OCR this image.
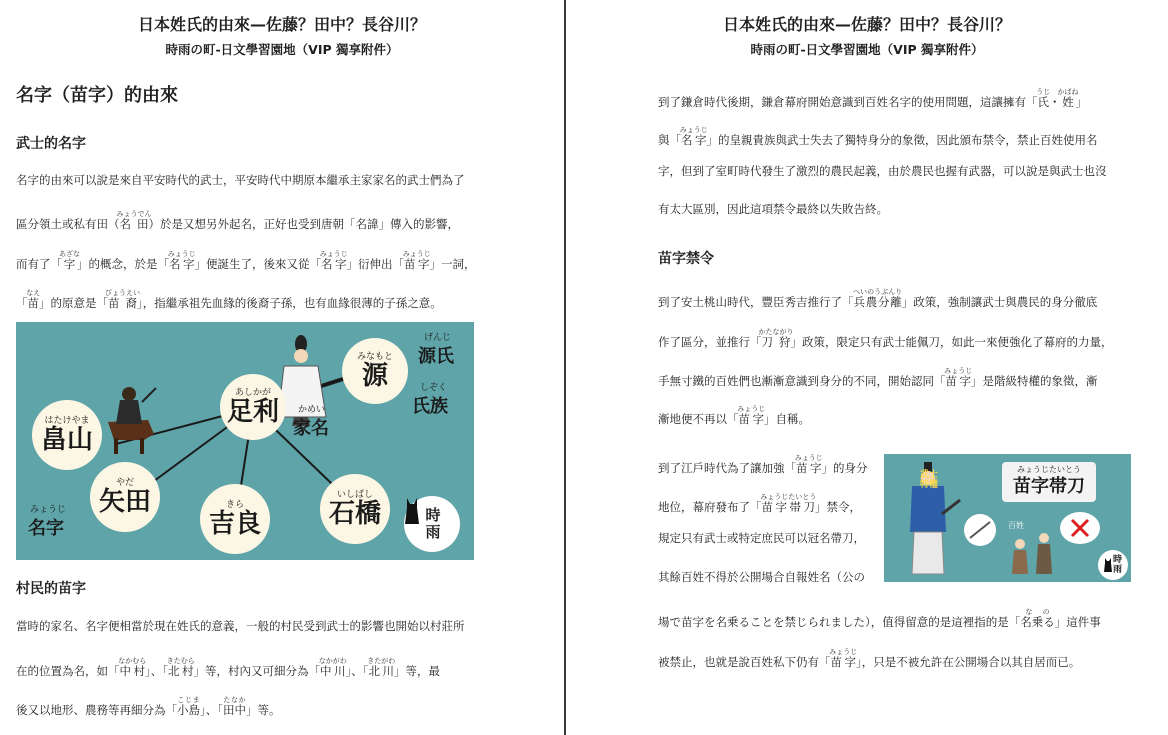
日本姓氏的由來—佐藤？田中？長谷川？
時雨の町-日文學習園地（VIP 獨享附件）
名字（苗字）的由來
武士的名字
名字的由來可以說是來自平安時代的武士，平安時代中期原本繼承主家家名的武士們為了
區分領土或私有田（名田みょうでん）於是又想另外起名，正好也受到唐朝「名諱」傳入的影響，
而有了「字あざな」的概念，於是「名字みょうじ」便誕生了，後來又從「名字みょうじ」衍伸出「苗字みょうじ」一詞，
「苗なえ」的原意是「苗裔びょうえい」，指繼承祖先血緣的後裔子孫，也有血緣很薄的子孫之意。
あしかが
足利 かめい
家名
みなもと
源
げんじ
源氏
しぞく
氏族
はたけやま
畠山
やだ
矢田	きら
吉良
いしばし
石橋
みょうじ
名字
時
雨
村民的苗字
當時的家名、名字便相當於現在姓氏的意義，一般的村民受到武士的影響也開始以村莊所
在的位置為名，如「中村なかむら」、「北村きたむら」等，村內又可細分為「中川なかがわ」、「北川きたがわ」等，最
後又以地形、農務等再細分為「小島こじま」、「田中たなか」等。
日本姓氏的由來—佐藤？田中？長谷川？
時雨の町-日文學習園地（VIP 獨享附件）
到了鎌倉時代後期，鎌倉幕府開始意識到百姓名字的使用問題，這讓擁有「氏うじ・姓かばね」
與「名字みょうじ」的皇親貴族與武士失去了獨特身分的象徵，因此頒布禁令，禁止百姓使用名
字，但到了室町時代發生了激烈的農民起義，由於農民也握有武器，可以說是與武士也沒
有太大區別，因此這項禁令最終以失敗告終。
苗字禁令
到了安土桃山時代，豐臣秀吉推行了「兵農分離へいのうぶんり」政策，強制讓武士與農民的身分徹底
作了區分，並推行「刀狩かたながり」政策，限定只有武士能佩刀，如此一來便強化了幕府的力量，
手無寸鐵的百姓們也漸漸意識到身分的不同，開始認同「苗字みょうじ」是階級特權的象徵，漸
漸地便不再以「苗字みょうじ」自稱。
到了江戶時代為了讓加強「苗字みょうじ」的身分
地位，幕府發布了「苗字帯刀みょうじたいとう」禁令，
規定只有武士或特定庶民可以冠名帶刀，
其餘百姓不得於公開場合自報姓名（公の
場で苗字を名乗ることを禁じられました），值得留意的是這裡指的是「名乗るなの」這件事
被禁止，也就是說百姓私下仍有「苗字みょうじ」，只是不被允許在公開場合以其自居而已。
武士
特權
みょうじたいとう
苗字帯刀
百姓
時
雨
